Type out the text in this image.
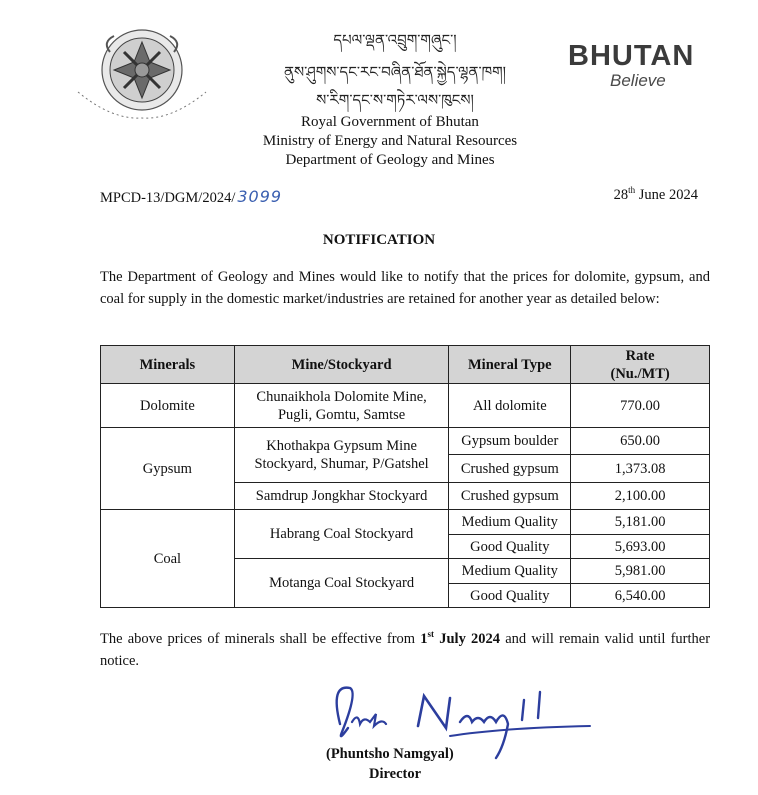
BHUTAN
Believe
དཔལ་ལྡན་འབྲུག་གཞུང་།
ནུས་ཤུགས་དང་རང་བཞིན་ཐོན་སྐྱེད་ལྷན་ཁག།
ས་རིག་དང་ས་གཏེར་ལས་ཁུངས།
Royal Government of Bhutan
Ministry of Energy and Natural Resources
Department of Geology and Mines
MPCD-13/DGM/2024/ 3099	28th June 2024
NOTIFICATION
The Department of Geology and Mines would like to notify that the prices for dolomite, gypsum, and coal for supply in the domestic market/industries are retained for another year as detailed below:
Minerals	Mine/Stockyard	Mineral Type	Rate
(Nu./MT)
Dolomite	Chunaikhola Dolomite Mine,
Pugli, Gomtu, Samtse	All dolomite	770.00
Gypsum	Khothakpa Gypsum Mine
Stockyard, Shumar, P/Gatshel	Gypsum boulder	650.00
		Crushed gypsum	1,373.08
	Samdrup Jongkhar Stockyard	Crushed gypsum	2,100.00
Coal	Habrang Coal Stockyard	Medium Quality	5,181.00
		Good Quality	5,693.00
	Motanga Coal Stockyard	Medium Quality	5,981.00
		Good Quality	6,540.00
The above prices of minerals shall be effective from 1st July 2024 and will remain valid until further notice.
(Phuntsho Namgyal)
Director
